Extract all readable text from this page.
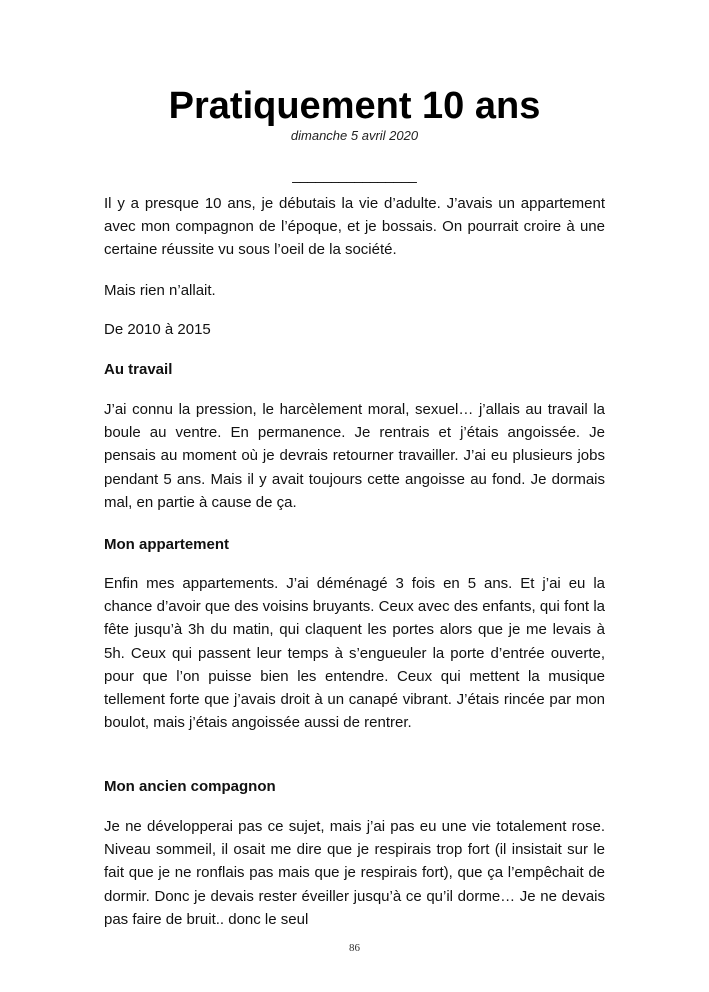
Pratiquement 10 ans
dimanche 5 avril 2020
________________

Il y a presque 10 ans, je débutais la vie d’adulte. J’avais un appartement avec mon compagnon de l’époque, et je bossais. On pourrait croire à une certaine réussite vu sous l’oeil de la société.

Mais rien n’allait.

De 2010 à 2015

Au travail

J’ai connu la pression, le harcèlement moral, sexuel… j’allais au travail la boule au ventre. En permanence. Je rentrais et j’étais angoissée. Je pensais au moment où je devrais retourner travailler. J’ai eu plusieurs jobs pendant 5 ans. Mais il y avait toujours cette angoisse au fond. Je dormais mal, en partie à cause de ça.

Mon appartement

Enfin mes appartements. J’ai déménagé 3 fois en 5 ans. Et j’ai eu la chance d’avoir que des voisins bruyants. Ceux avec des enfants, qui font la fête jusqu’à 3h du matin, qui claquent les portes alors que je me levais à 5h. Ceux qui passent leur temps à s’engueuler la porte d’entrée ouverte, pour que l’on puisse bien les entendre. Ceux qui mettent la musique tellement forte que j’avais droit à un canapé vibrant. J’étais rincée par mon boulot, mais j’étais angoissée aussi de rentrer.

Mon ancien compagnon

Je ne développerai pas ce sujet, mais j’ai pas eu une vie totalement rose. Niveau sommeil, il osait me dire que je respirais trop fort (il insistait sur le fait que je ne ronflais pas mais que je respirais fort), que ça l’empêchait de dormir. Donc je devais rester éveiller jusqu’à ce qu’il dorme… Je ne devais pas faire de bruit.. donc le seul

86
